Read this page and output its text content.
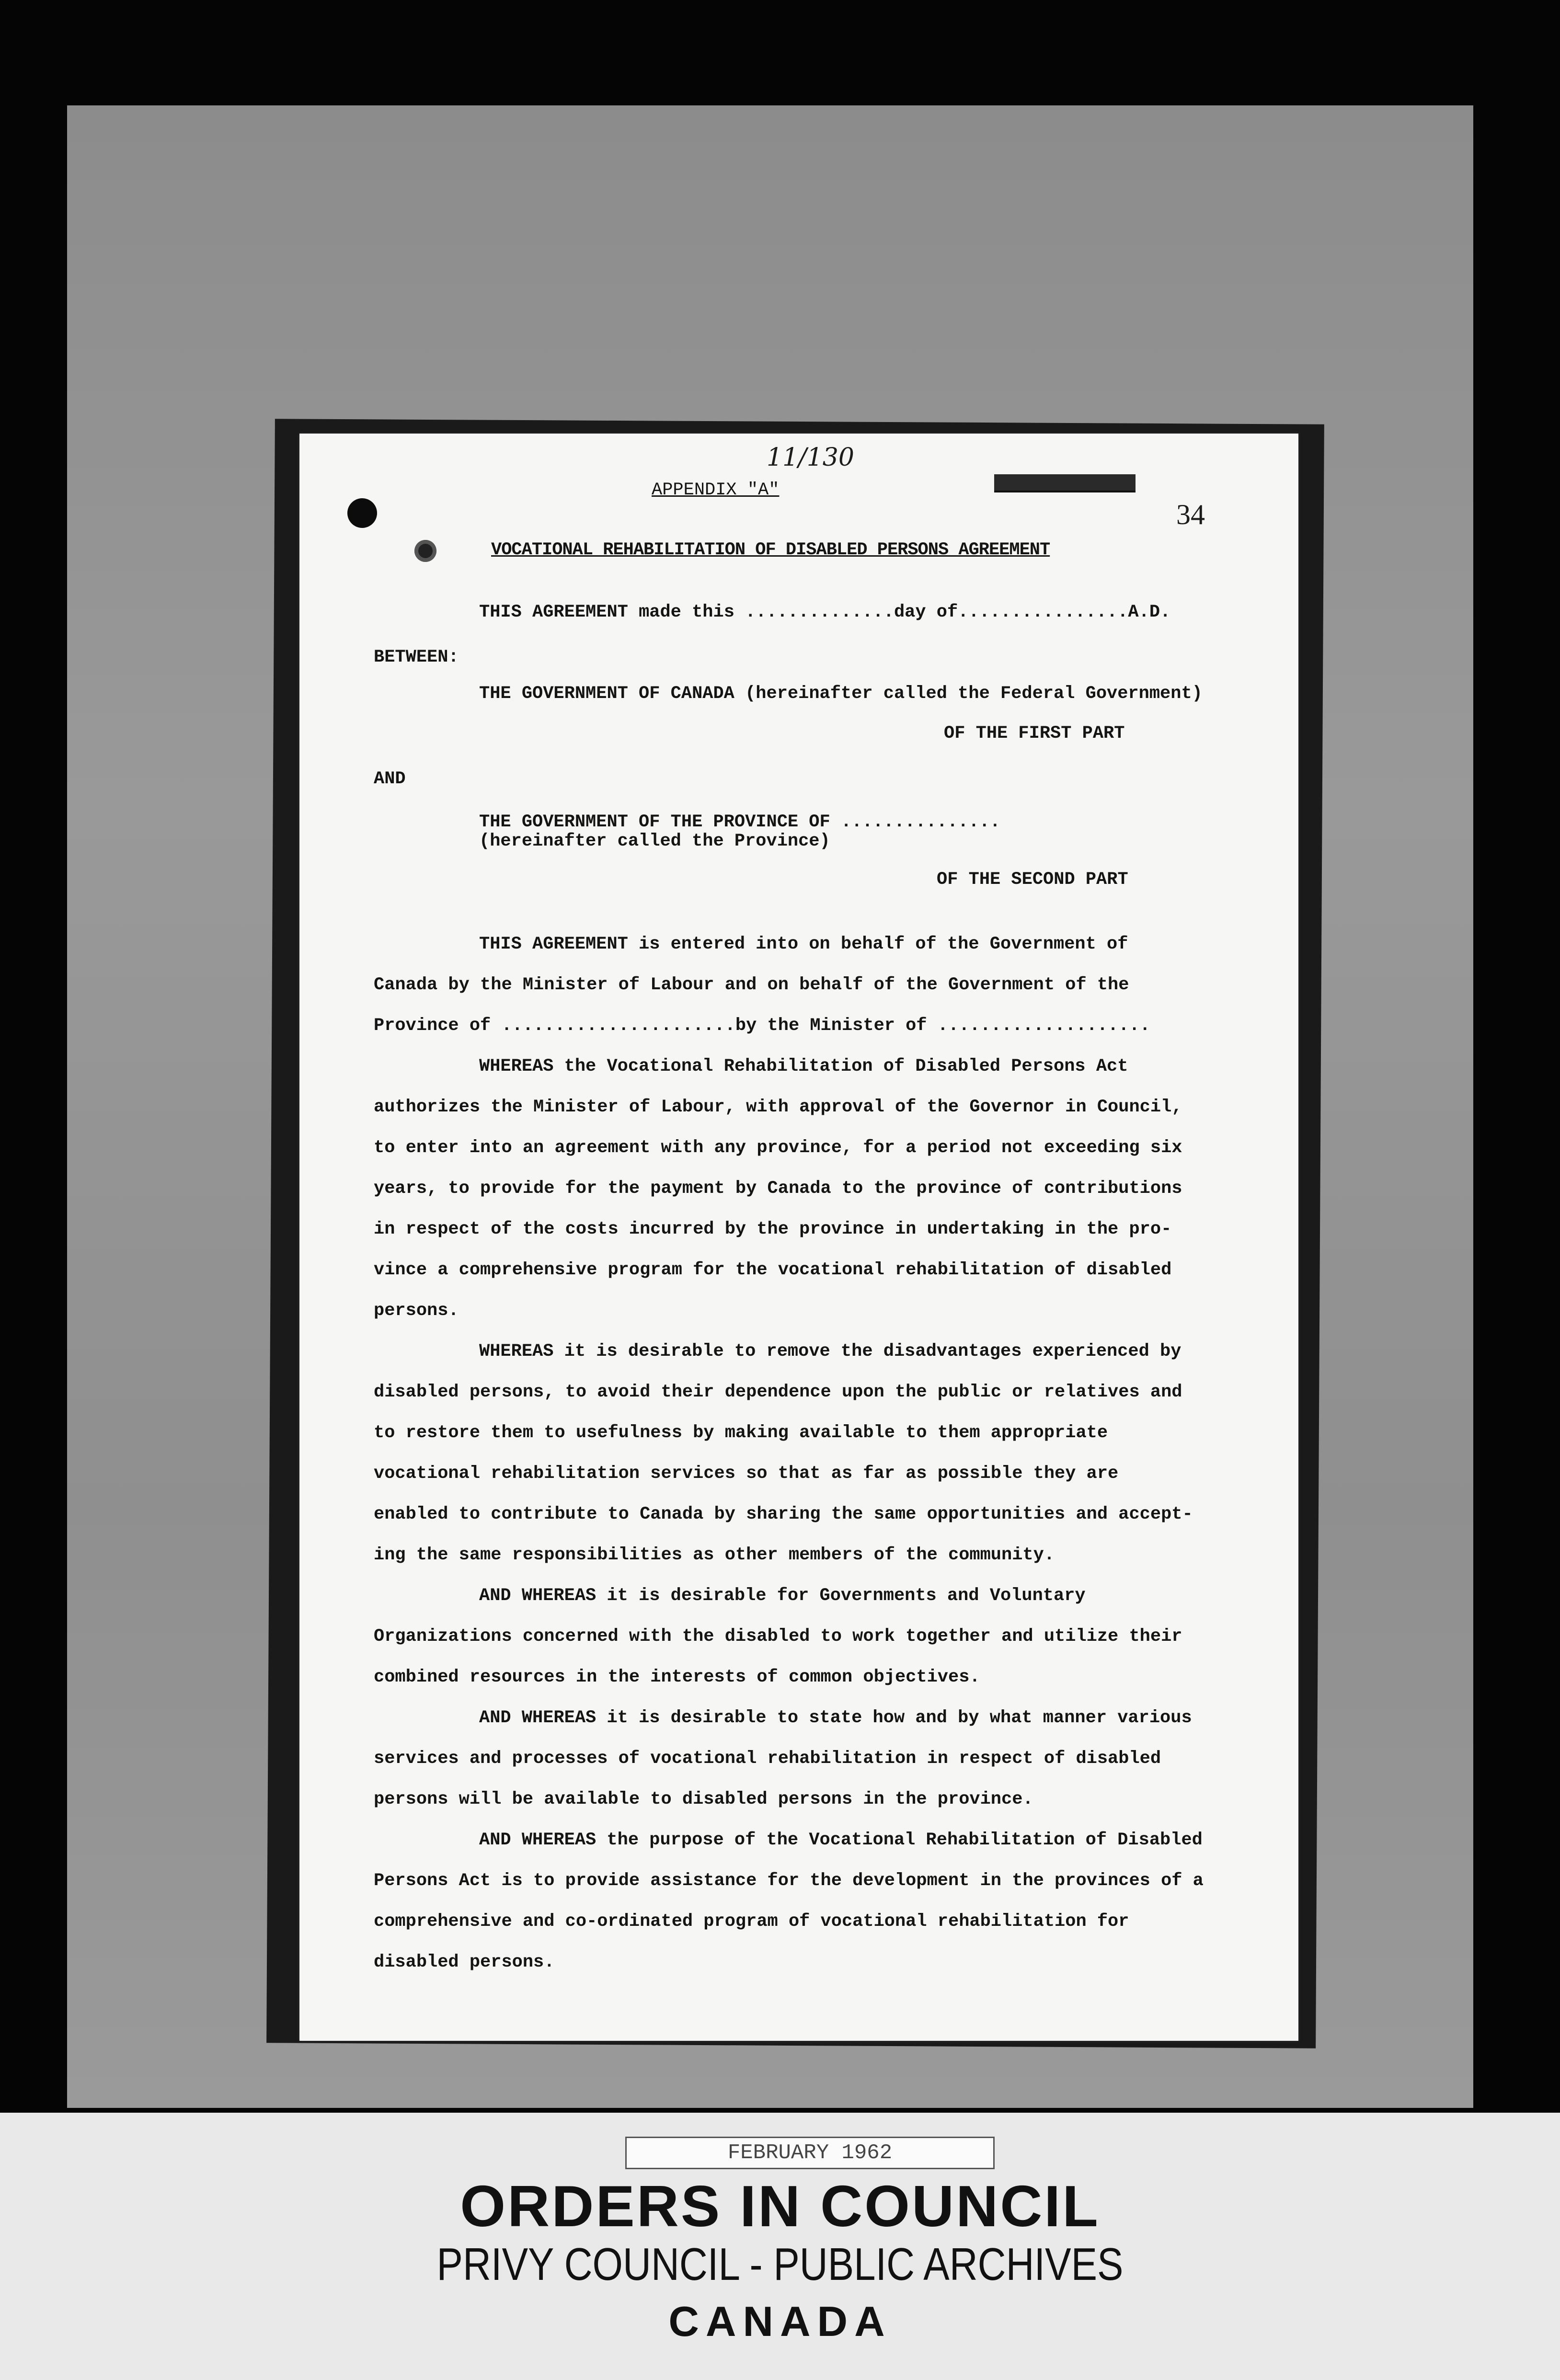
11/130
APPENDIX "A"
34
VOCATIONAL REHABILITATION OF DISABLED PERSONS AGREEMENT
THIS AGREEMENT made this ..............day of................A.D.
BETWEEN:
THE GOVERNMENT OF CANADA (hereinafter called the Federal Government)
OF THE FIRST PART
AND
THE GOVERNMENT OF THE PROVINCE OF ...............
(hereinafter called the Province)
OF THE SECOND PART
THIS AGREEMENT is entered into on behalf of the Government of
Canada by the Minister of Labour and on behalf of the Government of the
Province of ......................by the Minister of ....................
WHEREAS the Vocational Rehabilitation of Disabled Persons Act
authorizes the Minister of Labour, with approval of the Governor in Council,
to enter into an agreement with any province, for a period not exceeding six
years, to provide for the payment by Canada to the province of contributions
in respect of the costs incurred by the province in undertaking in the pro-
vince a comprehensive program for the vocational rehabilitation of disabled
persons.
WHEREAS it is desirable to remove the disadvantages experienced by
disabled persons, to avoid their dependence upon the public or relatives and
to restore them to usefulness by making available to them appropriate
vocational rehabilitation services so that as far as possible they are
enabled to contribute to Canada by sharing the same opportunities and accept-
ing the same responsibilities as other members of the community.
AND WHEREAS it is desirable for Governments and Voluntary
Organizations concerned with the disabled to work together and utilize their
combined resources in the interests of common objectives.
AND WHEREAS it is desirable to state how and by what manner various
services and processes of vocational rehabilitation in respect of disabled
persons will be available to disabled persons in the province.
AND WHEREAS the purpose of the Vocational Rehabilitation of Disabled
Persons Act is to provide assistance for the development in the provinces of a
comprehensive and co-ordinated program of vocational rehabilitation for
disabled persons.
FEBRUARY 1962
ORDERS IN COUNCIL
PRIVY COUNCIL - PUBLIC ARCHIVES
CANADA
